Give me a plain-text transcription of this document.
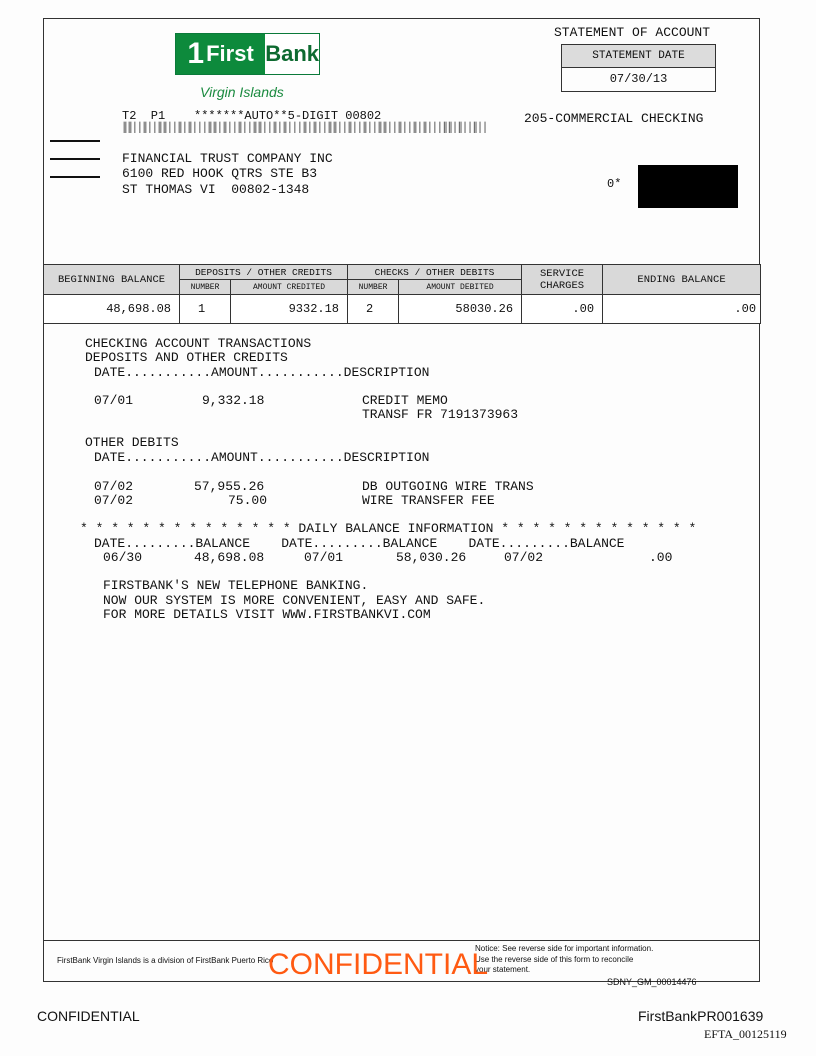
1 First Bank
Virgin Islands
STATEMENT OF ACCOUNT
STATEMENT DATE
07/30/13
205-COMMERCIAL CHECKING
0*
T2  P1    *******AUTO**5-DIGIT 00802
║║││║││║║││║│║│││║║│║││║││║║││║│║│││║│║││║║││║││║││║║││║││║│║│││║║│║││║││
FINANCIAL TRUST COMPANY INC
6100 RED HOOK QTRS STE B3
ST THOMAS VI  00802-1348
BEGINNING BALANCE	DEPOSITS / OTHER CREDITS		CHECKS / OTHER DEBITS		SERVICE
CHARGES	ENDING BALANCE
	NUMBER	AMOUNT CREDITED	NUMBER	AMOUNT DEBITED		
48,698.08	1	9332.18	2	58030.26	.00	.00
CHECKING ACCOUNT TRANSACTIONS
DEPOSITS AND OTHER CREDITS
DATE...........AMOUNT...........DESCRIPTION
07/01	9,332.18	CREDIT MEMO
TRANSF FR 7191373963
OTHER DEBITS
DATE...........AMOUNT...........DESCRIPTION
07/02	57,955.26	DB OUTGOING WIRE TRANS
07/02	75.00	WIRE TRANSFER FEE
* * * * * * * * * * * * * * DAILY BALANCE INFORMATION * * * * * * * * * * * * *
DATE.........BALANCE    DATE.........BALANCE    DATE.........BALANCE
06/30	48,698.08	07/01	58,030.26	07/02	.00
FIRSTBANK'S NEW TELEPHONE BANKING.
NOW OUR SYSTEM IS MORE CONVENIENT, EASY AND SAFE.
FOR MORE DETAILS VISIT WWW.FIRSTBANKVI.COM
FirstBank Virgin Islands is a division of FirstBank Puerto Rico
Notice: See reverse side for important information.
Use the reverse side of this form to reconcile
your statement.
CONFIDENTIAL
SDNY_GM_00014476
CONFIDENTIAL	FirstBankPR001639
EFTA_00125119
